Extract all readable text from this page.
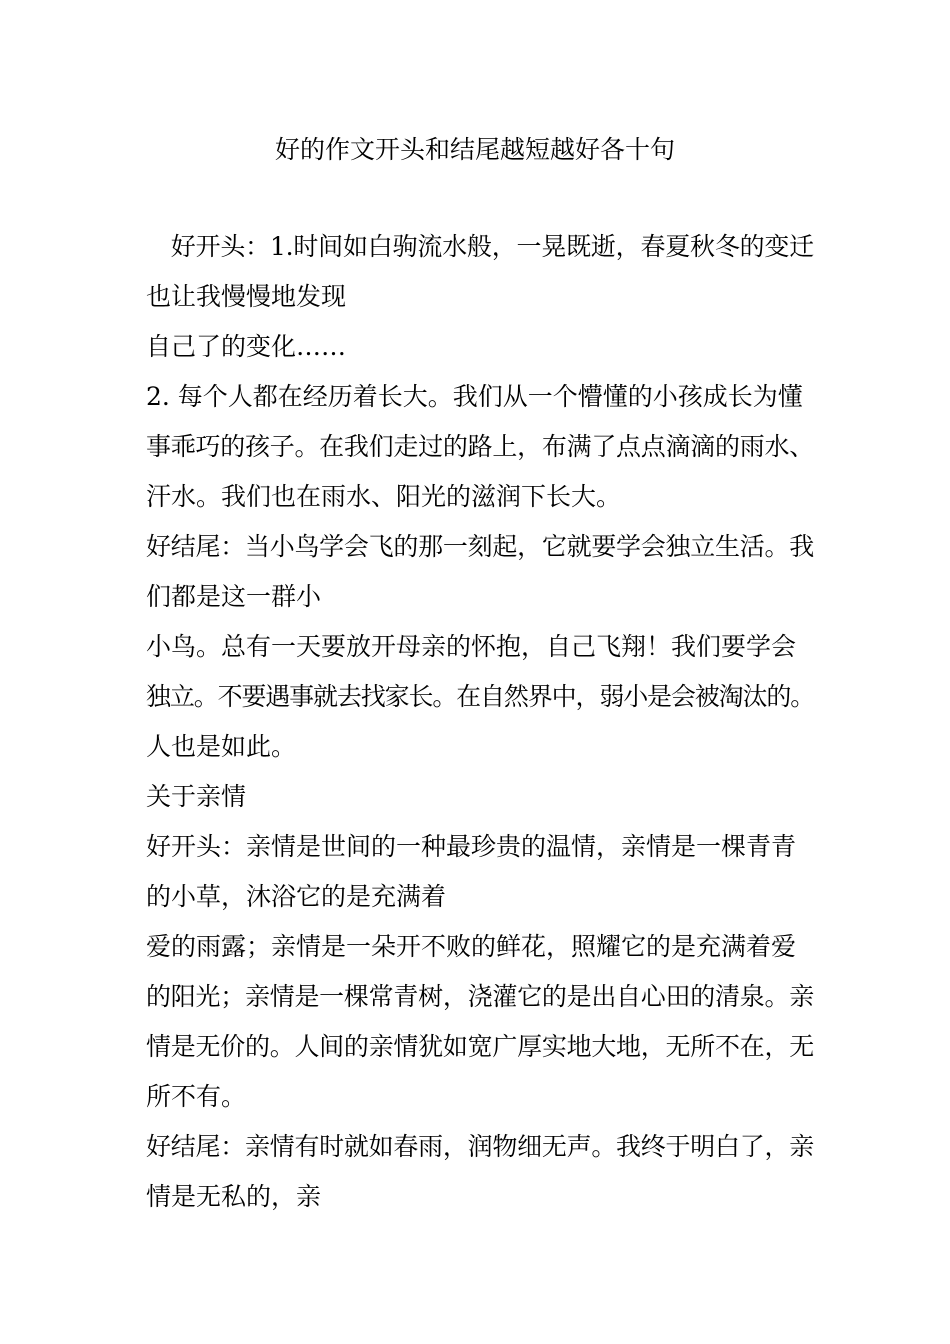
好的作文开头和结尾越短越好各十句
　好开头：1.时间如白驹流水般，一晃既逝，春夏秋冬的变迁
也让我慢慢地发现
自己了的变化……
2. 每个人都在经历着长大。我们从一个懵懂的小孩成长为懂
事乖巧的孩子。在我们走过的路上，布满了点点滴滴的雨水、
汗水。我们也在雨水、阳光的滋润下长大。
好结尾：当小鸟学会飞的那一刻起，它就要学会独立生活。我
们都是这一群小
小鸟。总有一天要放开母亲的怀抱，自己飞翔！我们要学会
独立。不要遇事就去找家长。在自然界中，弱小是会被淘汰的。
人也是如此。
关于亲情
好开头：亲情是世间的一种最珍贵的温情，亲情是一棵青青
的小草，沐浴它的是充满着
爱的雨露；亲情是一朵开不败的鲜花，照耀它的是充满着爱
的阳光；亲情是一棵常青树，浇灌它的是出自心田的清泉。亲
情是无价的。人间的亲情犹如宽广厚实地大地，无所不在，无
所不有。
好结尾：亲情有时就如春雨，润物细无声。我终于明白了，亲
情是无私的，亲
